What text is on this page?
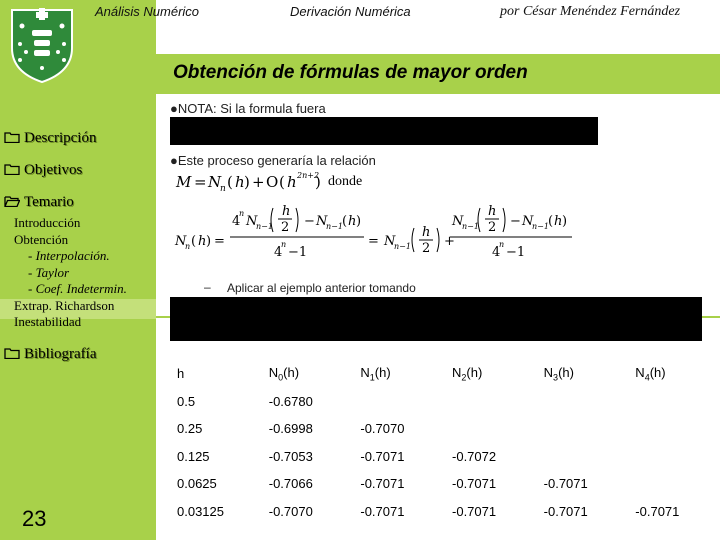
Análisis Numérico	Derivación Numérica	por César Menéndez Fernández
Obtención de fórmulas de mayor orden
Descripción
Objetivos
Temario
Introducción
Obtención
- Interpolación.
- Taylor
- Coef. Indetermin.
Extrap. Richardson
Inestabilidad
Bibliografía
23
●NOTA: Si la formula fuera
●Este proceso generaría la relación
M = N
n ( h ) + O ( h 2n+2
) donde
N
n ( h ) =
4
n
N
n−1
h
2 − N
n−1 ( h )
4
n
−1
= N
n−1
h
2 +
N
n−1
h
2 − N
n−1 ( h )
4
n
−1
– Aplicar al ejemplo anterior tomando
h	$N_0(h)$	$N_1(h)$	$N_2(h)$	$N_3(h)$	$N_4(h)$
0.5	-0.6780				
0.25	-0.6998	-0.7070			
0.125	-0.7053	-0.7071	-0.7072		
0.0625	-0.7066	-0.7071	-0.7071	-0.7071	
0.03125	-0.7070	-0.7071	-0.7071	-0.7071	-0.7071
